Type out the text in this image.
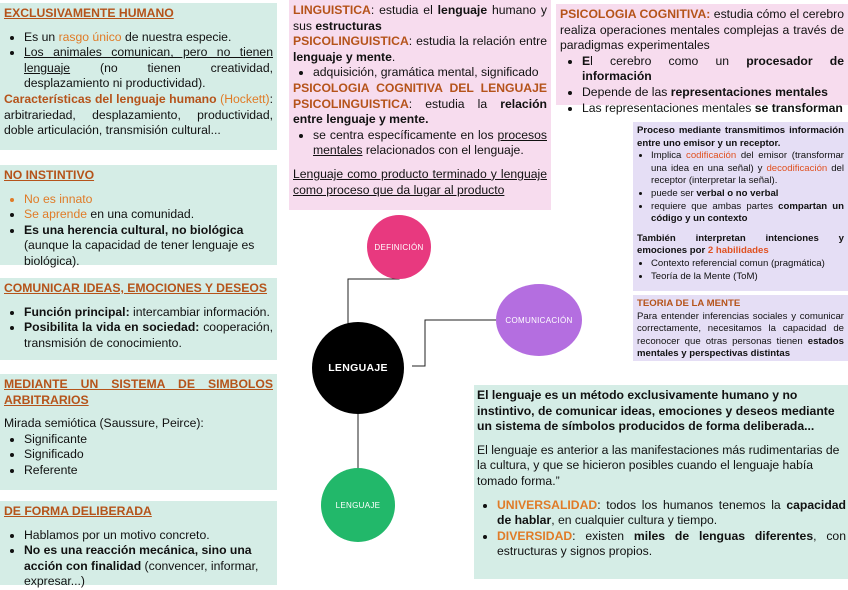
EXCLUSIVAMENTE HUMANO
• Es un rasgo único de nuestra especie.
• Los animales comunican, pero no tienen lenguaje (no tienen creatividad, desplazamiento ni productividad).

Características del lenguaje humano (Hockett): arbitrariedad, desplazamiento, productividad, doble articulación, transmisión cultural...

NO INSTINTIVO
• No es innato
• Se aprende en una comunidad.
• Es una herencia cultural, no biológica (aunque la capacidad de tener lenguaje es biológica).
COMUNICAR IDEAS, EMOCIONES Y DESEOS
• Función principal: intercambiar información.
• Posibilita la vida en sociedad: cooperación, transmisión de conocimiento.
MEDIANTE UN SISTEMA DE SIMBOLOS ARBITRARIOS

Mirada semiótica (Saussure, Peirce):

• Significante
• Significado
• Referente
DE FORMA DELIBERADA
• Hablamos por un motivo concreto.
• No es una reacción mecánica, sino una acción con finalidad (convencer, informar, expresar...)

LINGUISTICA: estudia el lenguaje humano y sus estructuras

PSICOLINGUISTICA: estudia la relación entre lenguaje y mente.

• adquisición, gramática mental, significado

PSICOLOGIA COGNITIVA DEL LENGUAJE PSICOLINGUISTICA: estudia la relación entre lenguaje y mente.

• se centra específicamente en los procesos mentales relacionados con el lenguaje.

Lenguaje como producto terminado y lenguaje como proceso que da lugar al producto

PSICOLOGIA COGNITIVA: estudia cómo el cerebro realiza operaciones mentales complejas a través de paradigmas experimentales

• El cerebro como un procesador de información
• Depende de las representaciones mentales
• Las representaciones mentales se transforman

Proceso mediante transmitimos información entre uno emisor y un receptor.

• Implica codificación del emisor (transformar una idea en una señal) y decodificación del receptor (interpretar la señal).
• puede ser verbal o no verbal
• requiere que ambas partes compartan un código y un contexto

También interpretan intenciones y emociones por 2 habilidades

• Contexto referencial comun (pragmática)
• Teoría de la Mente (ToM)

TEORIA DE LA MENTE

Para entender inferencias sociales y comunicar correctamente, necesitamos la capacidad de reconocer que otras personas tienen estados mentales y perspectivas distintas

El lenguaje es un método exclusivamente humano y no instintivo, de comunicar ideas, emociones y deseos mediante un sistema de símbolos producidos de forma deliberada...

El lenguaje es anterior a las manifestaciones más rudimentarias de la cultura, y que se hicieron posibles cuando el lenguaje había tomado forma.”

• UNIVERSALIDAD: todos los humanos tenemos la capacidad de hablar, en cualquier cultura y tiempo.
• DIVERSIDAD: existen miles de lenguas diferentes, con estructuras y signos propios.
DEFINICIÓN
COMUNICACIÓN
LENGUAJE
LENGUAJE
